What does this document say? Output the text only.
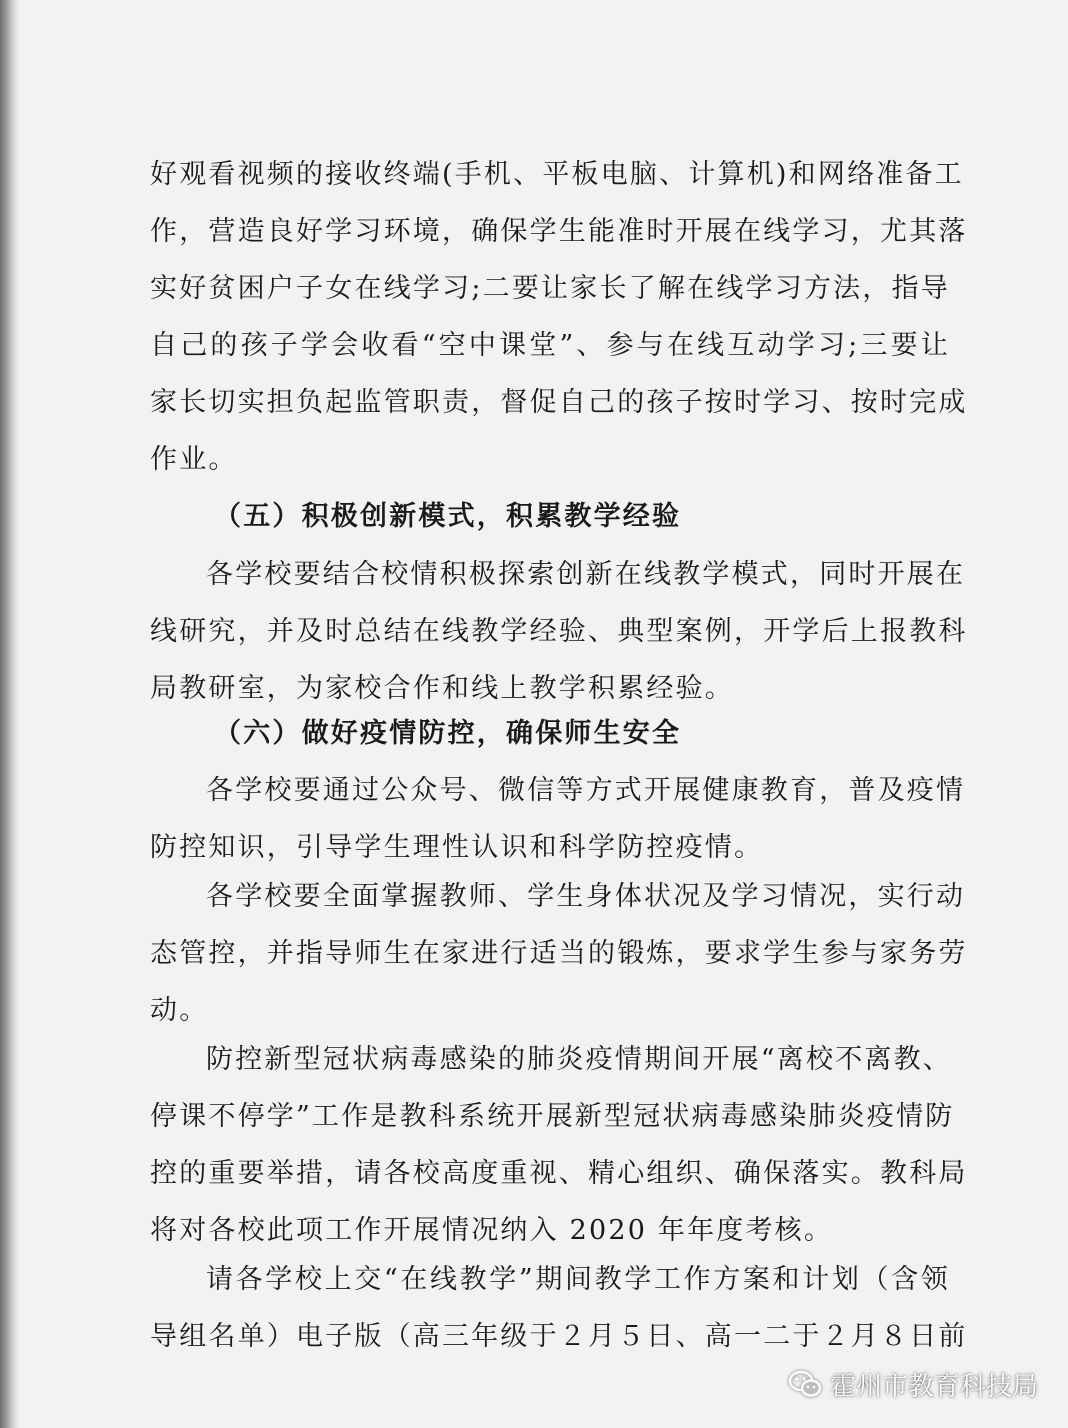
好观看视频的接收终端(手机、平板电脑、计算机)和网络准备工
作，营造良好学习环境，确保学生能准时开展在线学习，尤其落
实好贫困户子女在线学习;二要让家长了解在线学习方法，指导
自己的孩子学会收看“空中课堂”、参与在线互动学习;三要让
家长切实担负起监管职责，督促自己的孩子按时学习、按时完成
作业。
（五）积极创新模式，积累教学经验
各学校要结合校情积极探索创新在线教学模式，同时开展在
线研究，并及时总结在线教学经验、典型案例，开学后上报教科
局教研室，为家校合作和线上教学积累经验。
（六）做好疫情防控，确保师生安全
各学校要通过公众号、微信等方式开展健康教育，普及疫情
防控知识，引导学生理性认识和科学防控疫情。
各学校要全面掌握教师、学生身体状况及学习情况，实行动
态管控，并指导师生在家进行适当的锻炼，要求学生参与家务劳
动。
防控新型冠状病毒感染的肺炎疫情期间开展“离校不离教、
停课不停学”工作是教科系统开展新型冠状病毒感染肺炎疫情防
控的重要举措，请各校高度重视、精心组织、确保落实。教科局
将对各校此项工作开展情况纳入 2020 年年度考核。
请各学校上交“在线教学”期间教学工作方案和计划（含领
导组名单）电子版（高三年级于２月５日、高一二于２月８日前
霍州市教育科技局
